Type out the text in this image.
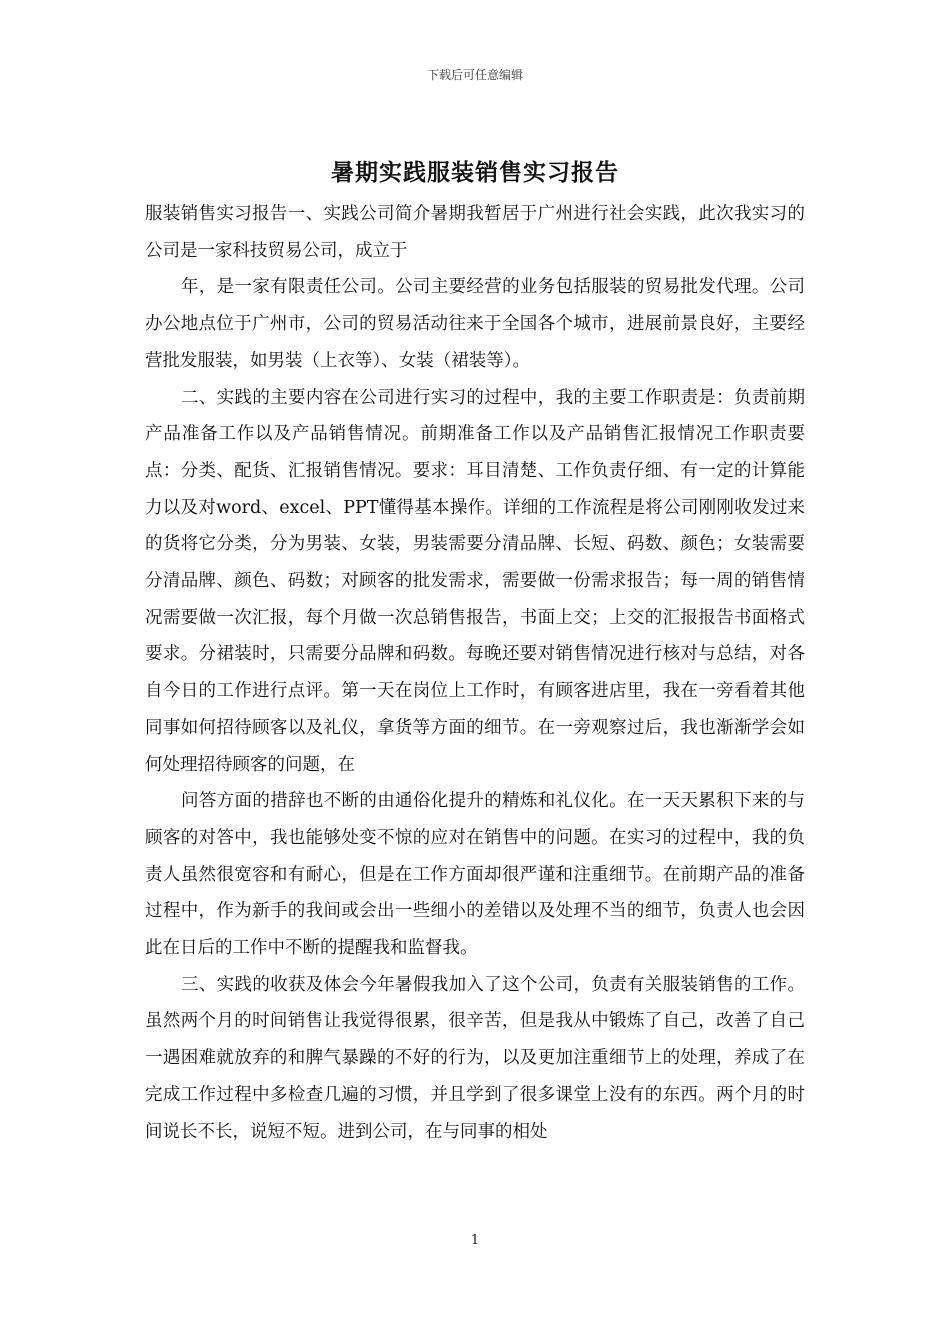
下载后可任意编辑
暑期实践服装销售实习报告

服装销售实习报告一、实践公司简介暑期我暂居于广州进行社会实践，此次我实习的公司是一家科技贸易公司，成立于

年，是一家有限责任公司。公司主要经营的业务包括服装的贸易批发代理。公司办公地点位于广州市，公司的贸易活动往来于全国各个城市，进展前景良好，主要经营批发服装，如男装（上衣等）、女装（裙装等）。

二、实践的主要内容在公司进行实习的过程中，我的主要工作职责是：负责前期产品准备工作以及产品销售情况。前期准备工作以及产品销售汇报情况工作职责要点：分类、配货、汇报销售情况。要求：耳目清楚、工作负责仔细、有一定的计算能力以及对word、excel、PPT懂得基本操作。详细的工作流程是将公司刚刚收发过来的货将它分类，分为男装、女装，男装需要分清品牌、长短、码数、颜色；女装需要分清品牌、颜色、码数；对顾客的批发需求，需要做一份需求报告；每一周的销售情况需要做一次汇报，每个月做一次总销售报告，书面上交；上交的汇报报告书面格式要求。分裙装时，只需要分品牌和码数。每晚还要对销售情况进行核对与总结，对各自今日的工作进行点评。第一天在岗位上工作时，有顾客进店里，我在一旁看着其他同事如何招待顾客以及礼仪，拿货等方面的细节。在一旁观察过后，我也渐渐学会如何处理招待顾客的问题，在

问答方面的措辞也不断的由通俗化提升的精炼和礼仪化。在一天天累积下来的与顾客的对答中，我也能够处变不惊的应对在销售中的问题。在实习的过程中，我的负责人虽然很宽容和有耐心，但是在工作方面却很严谨和注重细节。在前期产品的准备过程中，作为新手的我间或会出一些细小的差错以及处理不当的细节，负责人也会因此在日后的工作中不断的提醒我和监督我。

三、实践的收获及体会今年暑假我加入了这个公司，负责有关服装销售的工作。虽然两个月的时间销售让我觉得很累，很辛苦，但是我从中锻炼了自己，改善了自己一遇困难就放弃的和脾气暴躁的不好的行为，以及更加注重细节上的处理，养成了在完成工作过程中多检查几遍的习惯，并且学到了很多课堂上没有的东西。两个月的时间说长不长，说短不短。进到公司，在与同事的相处

1
